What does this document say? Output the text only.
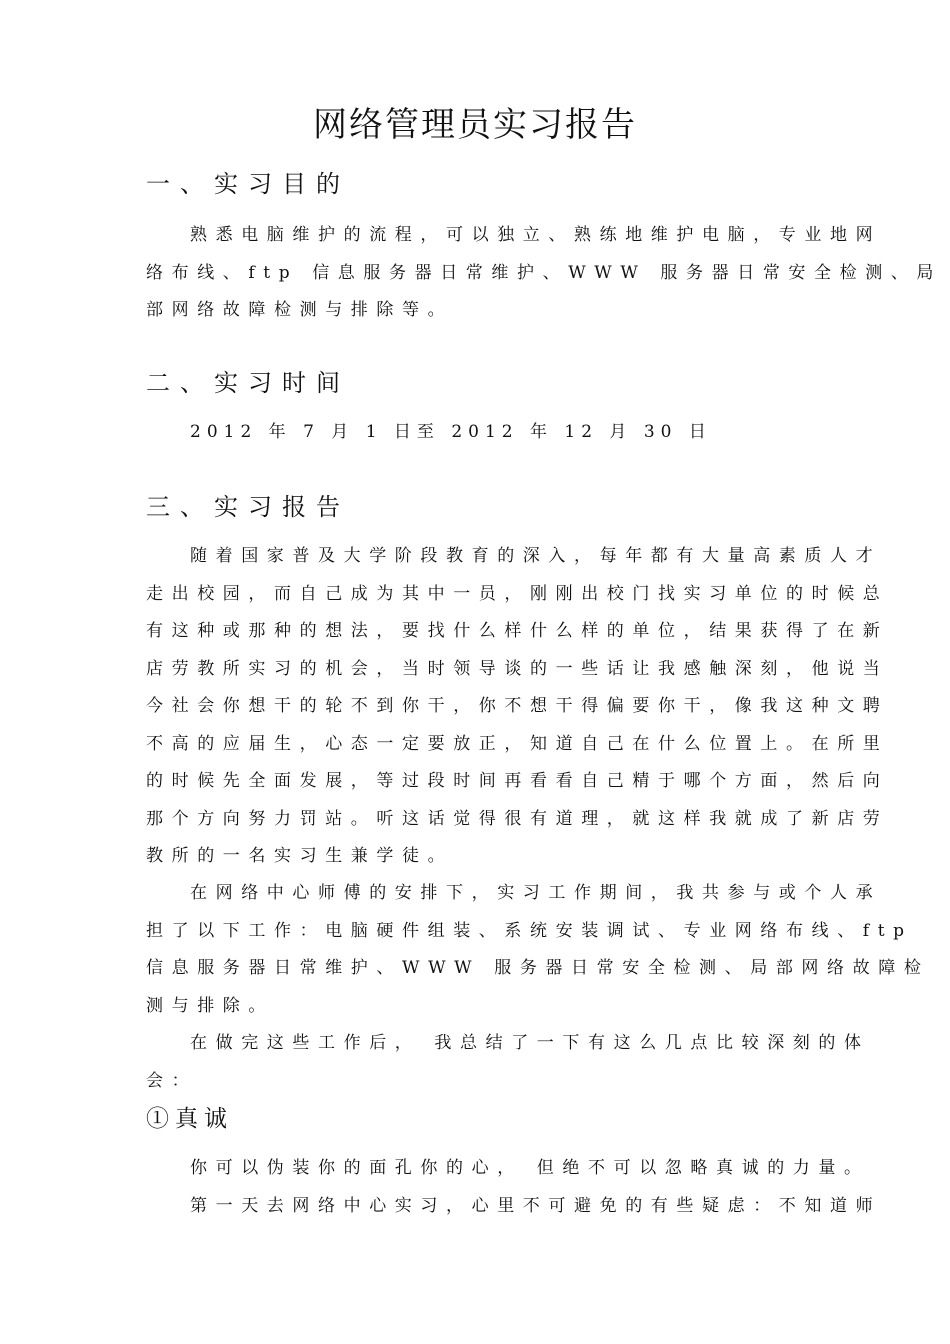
网络管理员实习报告
一、实习目的
熟悉电脑维护的流程，可以独立、熟练地维护电脑，专业地网
络布线、ftp 信息服务器日常维护、WWW 服务器日常安全检测、局
部网络故障检测与排除等。
二、实习时间
2012 年 7 月 1 日至 2012 年 12 月 30 日
三、实习报告
随着国家普及大学阶段教育的深入，每年都有大量高素质人才
走出校园，而自己成为其中一员，刚刚出校门找实习单位的时候总
有这种或那种的想法，要找什么样什么样的单位，结果获得了在新
店劳教所实习的机会，当时领导谈的一些话让我感触深刻，他说当
今社会你想干的轮不到你干，你不想干得偏要你干，像我这种文聘
不高的应届生，心态一定要放正，知道自己在什么位置上。在所里
的时候先全面发展，等过段时间再看看自己精于哪个方面，然后向
那个方向努力罚站。听这话觉得很有道理，就这样我就成了新店劳
教所的一名实习生兼学徒。
在网络中心师傅的安排下，实习工作期间，我共参与或个人承
担了以下工作：电脑硬件组装、系统安装调试、专业网络布线、ftp
信息服务器日常维护、WWW 服务器日常安全检测、局部网络故障检
测与排除。
在做完这些工作后， 我总结了一下有这么几点比较深刻的体
会：
①真诚
你可以伪装你的面孔你的心， 但绝不可以忽略真诚的力量。
第一天去网络中心实习，心里不可避免的有些疑虑：不知道师
